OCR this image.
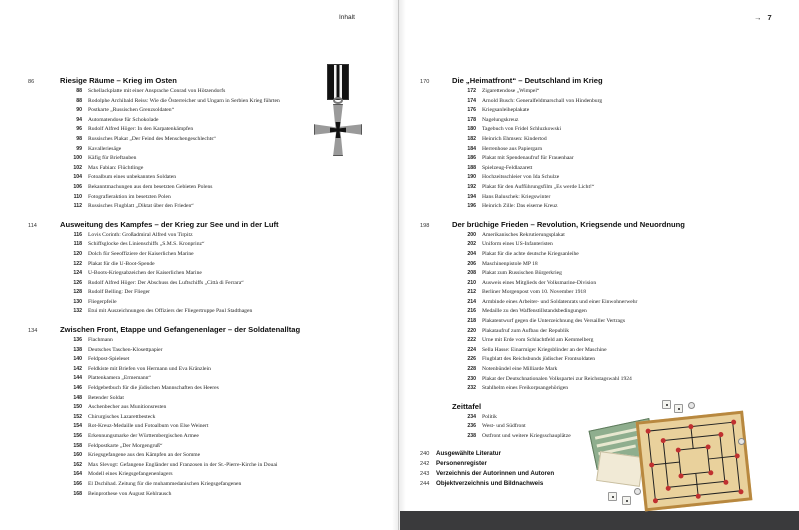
Inhalt	→ 7
86	Riesige Räume – Krieg im Osten
88	Schellackplatte mit einer Ansprache Conrad von Hötzendorfs
88	Rodolphe Archibald Reiss: Wie die Österreicher und Ungarn in Serbien Krieg führten
90	Postkarte „Russischen Grenzsoldaten“
94	Automatendose für Schokolade
96	Rudolf Alfred Höger: In den Karpatenkämpfen
98	Russisches Plakat „Der Feind des Menschengeschlechts“
99	Kavalleriesäge
100	Käfig für Brieftauben
102	Max Fabian: Flüchtlinge
104	Fotoalbum eines unbekannten Soldaten
106	Bekanntmachungen aus dem besetzten Gebieten Polens
110	Fotografieraktion im besetzten Polen
112	Russisches Flugblatt „Diktat über den Frieden“
114	Ausweitung des Kampfes – der Krieg zur See und in der Luft
116	Lovis Corinth: Großadmiral Alfred von Tirpitz
118	Schiffsglocke des Linienschiffs „S.M.S. Kronprinz“
120	Dolch für Seeoffiziere der Kaiserlichen Marine
122	Plakat für die U-Boot-Spende
124	U-Boots-Kriegsabzeichen der Kaiserlichen Marine
126	Rudolf Alfred Höger: Der Abschuss des Luftschiffs „Città di Ferrara“
128	Rudolf Belling: Der Flieger
130	Fliegerpfeile
132	Etui mit Auszeichnungen des Offiziers der Fliegertruppe Paul Stadthagen
134	Zwischen Front, Etappe und Gefangenenlager – der Soldatenalltag
136	Flachmann
138	Deutsches Taschen-Klosettpapier
140	Feldpost-Spieleset
142	Feldkiste mit Briefen von Hermann und Eva Kränzlein
144	Plattenkamera „Ermemann“
146	Feldgebetbuch für die jüdischen Mannschaften des Heeres
148	Betender Soldat
150	Aschenbecher aus Munitionsresten
152	Chirurgisches Lazarettbesteck
154	Rot-Kreuz-Medaille und Fotoalbum von Else Weinert
156	Erkennungsmarke der Württembergischen Armee
158	Feldpostkarte „Der Morgengruß“
160	Kriegsgefangene aus den Kämpfen an der Somme
162	Max Slevogt: Gefangene Engländer und Franzosen in der St.-Pierre-Kirche in Douai
164	Modell eines Kriegsgefangenenlagers
166	El Dschihad. Zeitung für die muhammedanischen Kriegsgefangenen
168	Beinprothese von August Kehlrausch
170	Die „Heimatfront“ – Deutschland im Krieg
172	Zigarettendose „Wimpel“
174	Arnold Busch: Generalfeldmarschall von Hindenburg
176	Kriegsanleiheplakate
178	Nagelungskreuz
180	Tagebuch von Fridel Schluzkowski
182	Heinrich Ehmsen: Kindertod
184	Herrenhose aus Papiergarn
186	Plakat mit Spendenaufruf für Frauenhaar
188	Spielzeug-Feldlazarett
190	Hochzeitsschleier von Ida Schulze
192	Plakat für den Aufführungsfilm „Es werde Licht!“
194	Hans Baluschek: Kriegswinter
196	Heinrich Zille: Das eiserne Kreuz
198	Der brüchige Frieden – Revolution, Kriegsende und Neuordnung
200	Amerikanisches Rekrutierungsplakat
202	Uniform eines US-Infanteristen
204	Plakat für die achte deutsche Kriegsanleihe
206	Maschinenpistole MP 18
208	Plakat zum Russischen Bürgerkrieg
210	Ausweis eines Mitglieds der Volksmarine-Division
212	Berliner Morgenpost vom 10. November 1918
214	Armbinde eines Arbeiter- und Soldatenrats und einer Einwohnerwehr
216	Medaille zu den Waffenstillstandsbedingungen
218	Plakatentwurf gegen die Unterzeichnung des Versailler Vertrags
220	Plakataufruf zum Aufbau der Republik
222	Urne mit Erde vom Schlachtfeld am Kemmelberg
224	Sella Hasse: Einarmiger Kriegsblinder an der Maschine
226	Flugblatt des Reichsbunds jüdischer Frontsoldaten
228	Notenbündel eine Milliarde Mark
230	Plakat der Deutschnationalen Volkspartei zur Reichstagswahl 1924
232	Stahlhelm eines Freikorpsangehörigen
Zeittafel
234	Politik
236	West- und Südfront
238	Ostfront und weitere Kriegsschauplätze
240	Ausgewählte Literatur
242	Personenregister
243	Verzeichnis der Autorinnen und Autoren
244	Objektverzeichnis und Bildnachweis
